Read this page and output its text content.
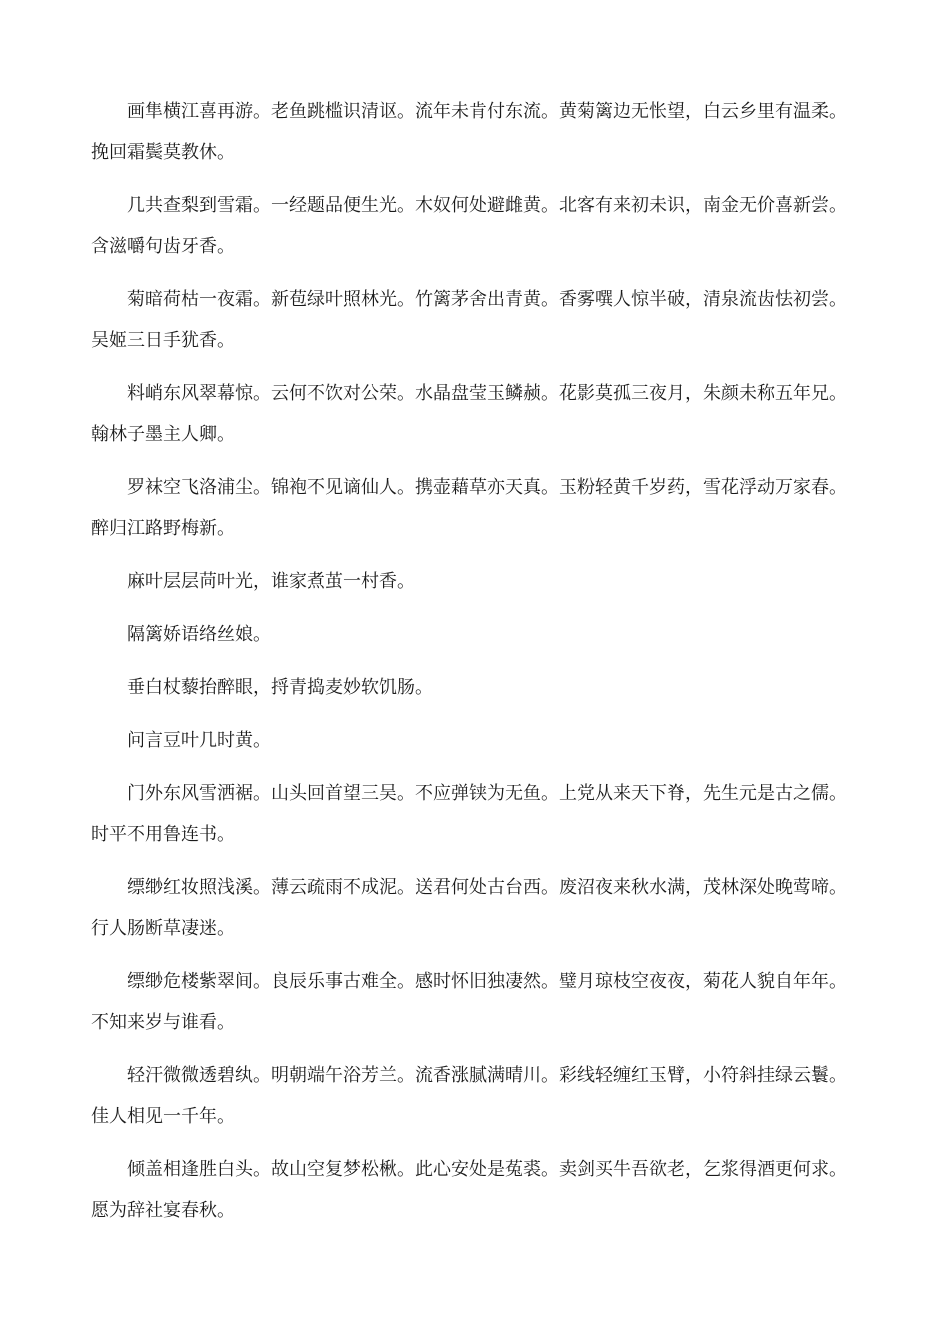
画隼横江喜再游。老鱼跳槛识清讴。流年未肯付东流。黄菊篱边无怅望，白云乡里有温柔。挽回霜鬓莫教休。

几共查梨到雪霜。一经题品便生光。木奴何处避雌黄。北客有来初未识，南金无价喜新尝。含滋嚼句齿牙香。

菊暗荷枯一夜霜。新苞绿叶照林光。竹篱茅舍出青黄。香雾噀人惊半破，清泉流齿怯初尝。吴姬三日手犹香。

料峭东风翠幕惊。云何不饮对公荣。水晶盘莹玉鳞赪。花影莫孤三夜月，朱颜未称五年兄。翰林子墨主人卿。

罗袜空飞洛浦尘。锦袍不见谪仙人。携壶藉草亦天真。玉粉轻黄千岁药，雪花浮动万家春。醉归江路野梅新。

麻叶层层苘叶光，谁家煮茧一村香。

隔篱娇语络丝娘。

垂白杖藜抬醉眼，捋青捣麦妙软饥肠。

问言豆叶几时黄。

门外东风雪洒裾。山头回首望三吴。不应弹铗为无鱼。上党从来天下脊，先生元是古之儒。时平不用鲁连书。

缥缈红妆照浅溪。薄云疏雨不成泥。送君何处古台西。废沼夜来秋水满，茂林深处晚莺啼。行人肠断草凄迷。

缥缈危楼紫翠间。良辰乐事古难全。感时怀旧独凄然。璧月琼枝空夜夜，菊花人貌自年年。不知来岁与谁看。

轻汗微微透碧纨。明朝端午浴芳兰。流香涨腻满晴川。彩线轻缠红玉臂，小符斜挂绿云鬟。佳人相见一千年。

倾盖相逢胜白头。故山空复梦松楸。此心安处是菟裘。卖剑买牛吾欲老，乞浆得酒更何求。愿为辞社宴春秋。
